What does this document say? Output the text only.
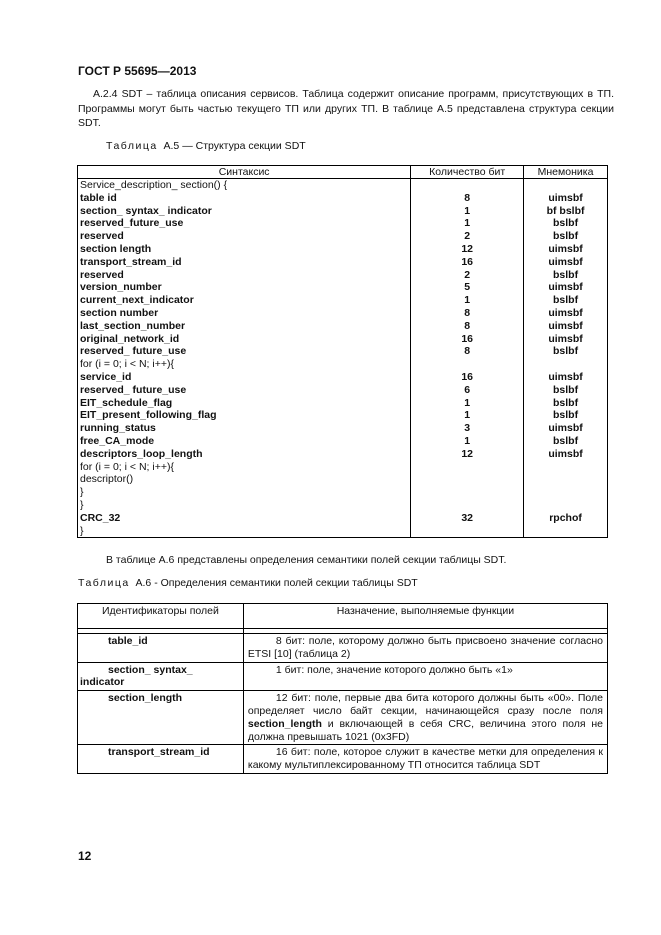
ГОСТ Р 55695—2013
A.2.4 SDT – таблица описания сервисов. Таблица содержит описание программ, присутствующих в ТП. Программы могут быть частью текущего ТП или других ТП. В таблице А.5 представлена структура секции SDT.
Таблица А.5 — Структура секции SDT
Синтаксис	Количество бит	Мнемоника
Service_description_ section() {		
table id	8	uimsbf
section_ syntax_ indicator	1	bf bslbf
reserved_future_use	1	bslbf
reserved	2	bslbf
section length	12	uimsbf
transport_stream_id	16	uimsbf
reserved	2	bslbf
version_number	5	uimsbf
current_next_indicator	1	bslbf
section number	8	uimsbf
last_section_number	8	uimsbf
original_network_id	16	uimsbf
reserved_ future_use	8	bslbf
for (i = 0; i < N; i++){		
service_id	16	uimsbf
reserved_ future_use	6	bslbf
EIT_schedule_flag	1	bslbf
EIT_present_following_flag	1	bslbf
running_status	3	uimsbf
free_CA_mode	1	bslbf
descriptors_loop_length	12	uimsbf
for (i = 0; i < N; i++){		
descriptor()		
}		
}		
CRC_32	32	rpchof
}		
В таблице А.6 представлены определения семантики полей секции таблицы SDT.
Таблица А.6 - Определения семантики полей секции таблицы SDT
Идентификаторы полей	Назначение, выполняемые функции

table_id	8 бит: поле, которому должно быть присвоено значение согласно ETSI [10] (таблица 2)
section_ syntax_ indicator	1 бит: поле, значение которого должно быть «1»
section_length	12 бит: поле, первые два бита которого должны быть «00». Поле определяет число байт секции, начинающейся сразу после поля section_length и включающей в себя CRC, величина этого поля не должна превышать 1021 (0x3FD)
transport_stream_id	16 бит: поле, которое служит в качестве метки для определения к какому мультиплексированному ТП относится таблица SDT
12
